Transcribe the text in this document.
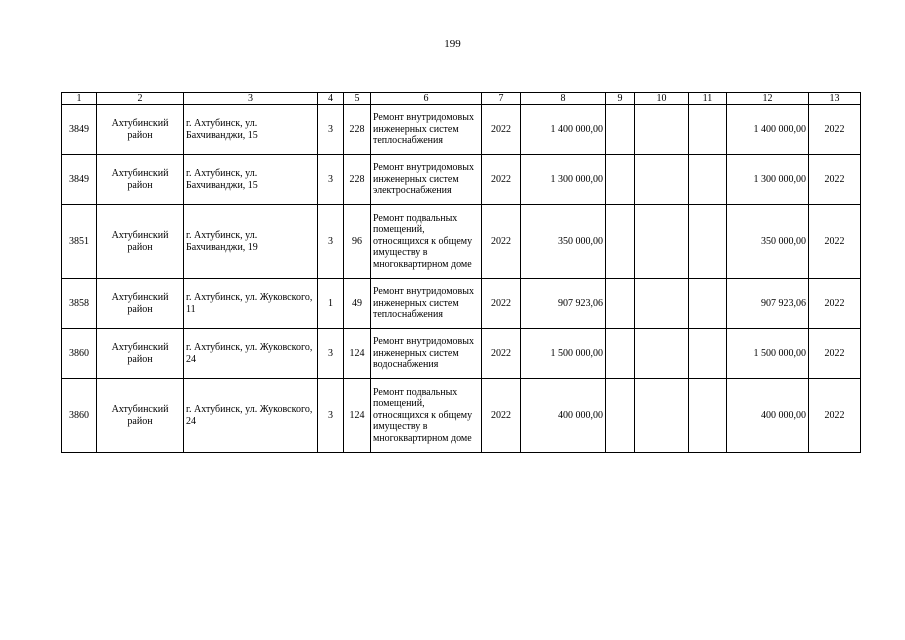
199
1	2	3	4	5	6	7	8	9	10	11	12	13
3849	Ахтубинский район	г. Ахтубинск, ул. Бахчиванджи, 15	3	228	Ремонт внутридомовых инженерных систем теплоснабжения	2022	1 400 000,00				1 400 000,00	2022
3849	Ахтубинский район	г. Ахтубинск, ул. Бахчиванджи, 15	3	228	Ремонт внутридомовых инженерных систем электроснабжения	2022	1 300 000,00				1 300 000,00	2022
3851	Ахтубинский район	г. Ахтубинск, ул. Бахчиванджи, 19	3	96	Ремонт подвальных помещений, относящихся к общему имуществу в многоквартирном доме	2022	350 000,00				350 000,00	2022
3858	Ахтубинский район	г. Ахтубинск, ул. Жуковского, 11	1	49	Ремонт внутридомовых инженерных систем теплоснабжения	2022	907 923,06				907 923,06	2022
3860	Ахтубинский район	г. Ахтубинск, ул. Жуковского, 24	3	124	Ремонт внутридомовых инженерных систем водоснабжения	2022	1 500 000,00				1 500 000,00	2022
3860	Ахтубинский район	г. Ахтубинск, ул. Жуковского, 24	3	124	Ремонт подвальных помещений, относящихся к общему имуществу в многоквартирном доме	2022	400 000,00				400 000,00	2022
